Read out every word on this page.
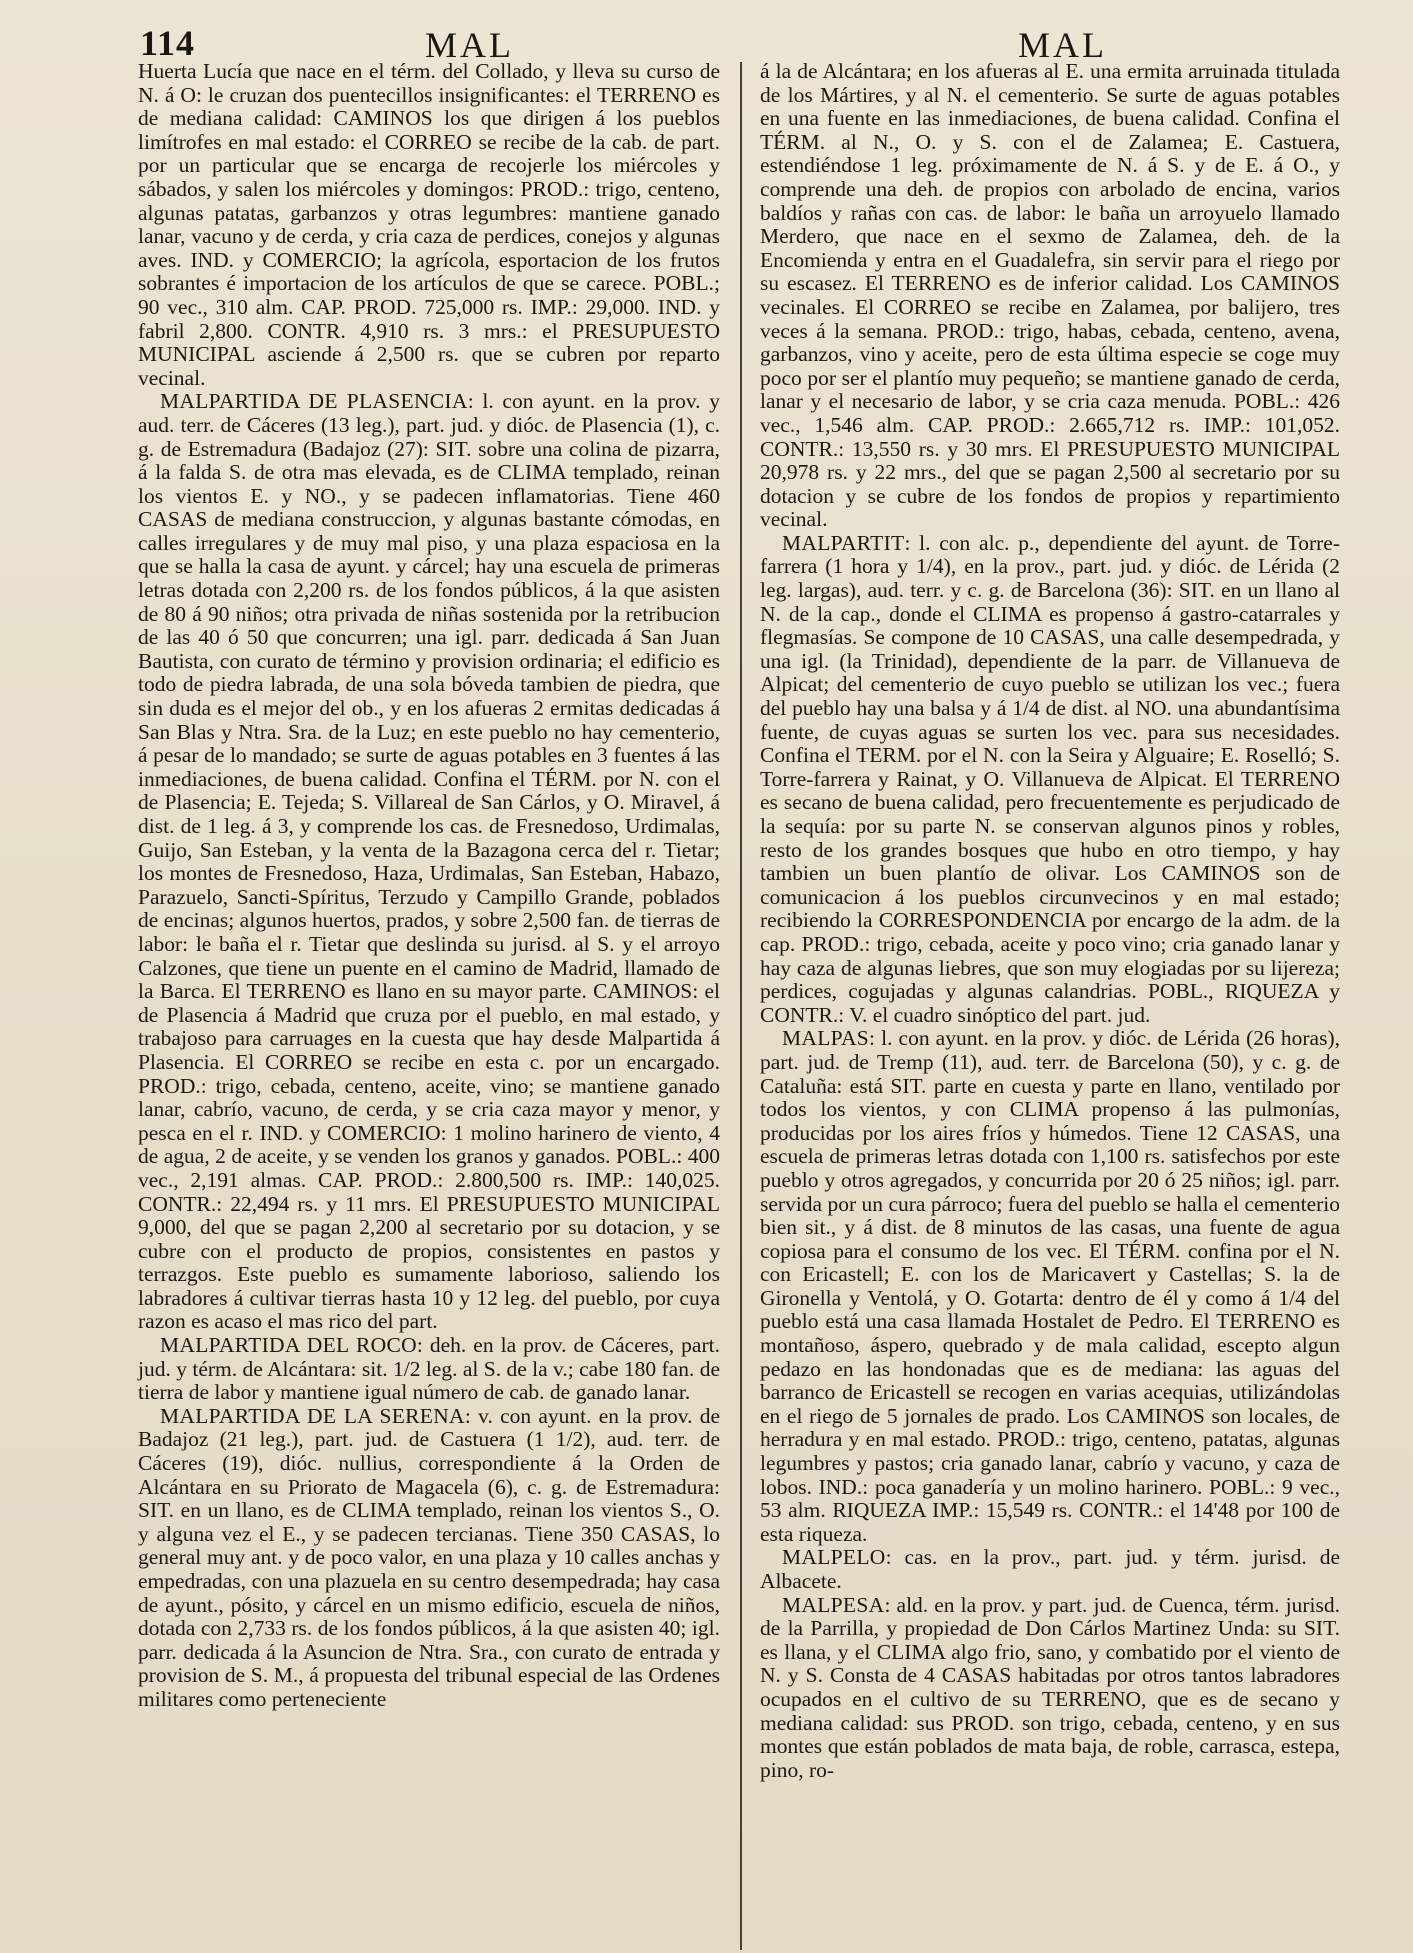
114	MAL	MAL

Huerta Lucía que nace en el térm. del Collado, y lleva su curso de N. á O: le cruzan dos puentecillos insignificantes: el TERRENO es de mediana calidad: CAMINOS los que dirigen á los pueblos limítrofes en mal estado: el CORREO se recibe de la cab. de part. por un particular que se encarga de recojerle los miércoles y sábados, y salen los miércoles y domingos: PROD.: trigo, centeno, algunas patatas, garbanzos y otras legumbres: mantiene ganado lanar, vacuno y de cerda, y cria caza de perdices, conejos y algunas aves. IND. y COMERCIO; la agrícola, esportacion de los frutos sobrantes é importacion de los artículos de que se carece. POBL.; 90 vec., 310 alm. CAP. PROD. 725,000 rs. IMP.: 29,000. IND. y fabril 2,800. CONTR. 4,910 rs. 3 mrs.: el PRESUPUESTO MUNICIPAL asciende á 2,500 rs. que se cubren por reparto vecinal.

MALPARTIDA DE PLASENCIA: l. con ayunt. en la prov. y aud. terr. de Cáceres (13 leg.), part. jud. y dióc. de Plasencia (1), c. g. de Estremadura (Badajoz (27): SIT. sobre una colina de pizarra, á la falda S. de otra mas elevada, es de CLIMA templado, reinan los vientos E. y NO., y se padecen inflamatorias. Tiene 460 CASAS de mediana construccion, y algunas bastante cómodas, en calles irregulares y de muy mal piso, y una plaza espaciosa en la que se halla la casa de ayunt. y cárcel; hay una escuela de primeras letras dotada con 2,200 rs. de los fondos públicos, á la que asisten de 80 á 90 niños; otra privada de niñas sostenida por la retribucion de las 40 ó 50 que concurren; una igl. parr. dedicada á San Juan Bautista, con curato de término y provision ordinaria; el edificio es todo de piedra labrada, de una sola bóveda tambien de piedra, que sin duda es el mejor del ob., y en los afueras 2 ermitas dedicadas á San Blas y Ntra. Sra. de la Luz; en este pueblo no hay cementerio, á pesar de lo mandado; se surte de aguas potables en 3 fuentes á las inmediaciones, de buena calidad. Confina el TÉRM. por N. con el de Plasencia; E. Tejeda; S. Villareal de San Cárlos, y O. Miravel, á dist. de 1 leg. á 3, y comprende los cas. de Fresnedoso, Urdimalas, Guijo, San Esteban, y la venta de la Bazagona cerca del r. Tietar; los montes de Fresnedoso, Haza, Urdimalas, San Esteban, Habazo, Parazuelo, Sancti-Spíritus, Terzudo y Campillo Grande, poblados de encinas; algunos huertos, prados, y sobre 2,500 fan. de tierras de labor: le baña el r. Tietar que deslinda su jurisd. al S. y el arroyo Calzones, que tiene un puente en el camino de Madrid, llamado de la Barca. El TERRENO es llano en su mayor parte. CAMINOS: el de Plasencia á Madrid que cruza por el pueblo, en mal estado, y trabajoso para carruages en la cuesta que hay desde Malpartida á Plasencia. El CORREO se recibe en esta c. por un encargado. PROD.: trigo, cebada, centeno, aceite, vino; se mantiene ganado lanar, cabrío, vacuno, de cerda, y se cria caza mayor y menor, y pesca en el r. IND. y COMERCIO: 1 molino harinero de viento, 4 de agua, 2 de aceite, y se venden los granos y ganados. POBL.: 400 vec., 2,191 almas. CAP. PROD.: 2.800,500 rs. IMP.: 140,025. CONTR.: 22,494 rs. y 11 mrs. El PRESUPUESTO MUNICIPAL 9,000, del que se pagan 2,200 al secretario por su dotacion, y se cubre con el producto de propios, consistentes en pastos y terrazgos. Este pueblo es sumamente laborioso, saliendo los labradores á cultivar tierras hasta 10 y 12 leg. del pueblo, por cuya razon es acaso el mas rico del part.

MALPARTIDA DEL ROCO: deh. en la prov. de Cáceres, part. jud. y térm. de Alcántara: sit. 1/2 leg. al S. de la v.; cabe 180 fan. de tierra de labor y mantiene igual número de cab. de ganado lanar.

MALPARTIDA DE LA SERENA: v. con ayunt. en la prov. de Badajoz (21 leg.), part. jud. de Castuera (1 1/2), aud. terr. de Cáceres (19), dióc. nullius, correspondiente á la Orden de Alcántara en su Priorato de Magacela (6), c. g. de Estremadura: SIT. en un llano, es de CLIMA templado, reinan los vientos S., O. y alguna vez el E., y se padecen tercianas. Tiene 350 CASAS, lo general muy ant. y de poco valor, en una plaza y 10 calles anchas y empedradas, con una plazuela en su centro desempedrada; hay casa de ayunt., pósito, y cárcel en un mismo edificio, escuela de niños, dotada con 2,733 rs. de los fondos públicos, á la que asisten 40; igl. parr. dedicada á la Asuncion de Ntra. Sra., con curato de entrada y provision de S. M., á propuesta del tribunal especial de las Ordenes militares como perteneciente

á la de Alcántara; en los afueras al E. una ermita arruinada titulada de los Mártires, y al N. el cementerio. Se surte de aguas potables en una fuente en las inmediaciones, de buena calidad. Confina el TÉRM. al N., O. y S. con el de Zalamea; E. Castuera, estendiéndose 1 leg. próximamente de N. á S. y de E. á O., y comprende una deh. de propios con arbolado de encina, varios baldíos y rañas con cas. de labor: le baña un arroyuelo llamado Merdero, que nace en el sexmo de Zalamea, deh. de la Encomienda y entra en el Guadalefra, sin servir para el riego por su escasez. El TERRENO es de inferior calidad. Los CAMINOS vecinales. El CORREO se recibe en Zalamea, por balijero, tres veces á la semana. PROD.: trigo, habas, cebada, centeno, avena, garbanzos, vino y aceite, pero de esta última especie se coge muy poco por ser el plantío muy pequeño; se mantiene ganado de cerda, lanar y el necesario de labor, y se cria caza menuda. POBL.: 426 vec., 1,546 alm. CAP. PROD.: 2.665,712 rs. IMP.: 101,052. CONTR.: 13,550 rs. y 30 mrs. El PRESUPUESTO MUNICIPAL 20,978 rs. y 22 mrs., del que se pagan 2,500 al secretario por su dotacion y se cubre de los fondos de propios y repartimiento vecinal.

MALPARTIT: l. con alc. p., dependiente del ayunt. de Torre-farrera (1 hora y 1/4), en la prov., part. jud. y dióc. de Lérida (2 leg. largas), aud. terr. y c. g. de Barcelona (36): SIT. en un llano al N. de la cap., donde el CLIMA es propenso á gastro-catarrales y flegmasías. Se compone de 10 CASAS, una calle desempedrada, y una igl. (la Trinidad), dependiente de la parr. de Villanueva de Alpicat; del cementerio de cuyo pueblo se utilizan los vec.; fuera del pueblo hay una balsa y á 1/4 de dist. al NO. una abundantísima fuente, de cuyas aguas se surten los vec. para sus necesidades. Confina el TERM. por el N. con la Seira y Alguaire; E. Roselló; S. Torre-farrera y Rainat, y O. Villanueva de Alpicat. El TERRENO es secano de buena calidad, pero frecuentemente es perjudicado de la sequía: por su parte N. se conservan algunos pinos y robles, resto de los grandes bosques que hubo en otro tiempo, y hay tambien un buen plantío de olivar. Los CAMINOS son de comunicacion á los pueblos circunvecinos y en mal estado; recibiendo la CORRESPONDENCIA por encargo de la adm. de la cap. PROD.: trigo, cebada, aceite y poco vino; cria ganado lanar y hay caza de algunas liebres, que son muy elogiadas por su lijereza; perdices, cogujadas y algunas calandrias. POBL., RIQUEZA y CONTR.: V. el cuadro sinóptico del part. jud.

MALPAS: l. con ayunt. en la prov. y dióc. de Lérida (26 horas), part. jud. de Tremp (11), aud. terr. de Barcelona (50), y c. g. de Cataluña: está SIT. parte en cuesta y parte en llano, ventilado por todos los vientos, y con CLIMA propenso á las pulmonías, producidas por los aires fríos y húmedos. Tiene 12 CASAS, una escuela de primeras letras dotada con 1,100 rs. satisfechos por este pueblo y otros agregados, y concurrida por 20 ó 25 niños; igl. parr. servida por un cura párroco; fuera del pueblo se halla el cementerio bien sit., y á dist. de 8 minutos de las casas, una fuente de agua copiosa para el consumo de los vec. El TÉRM. confina por el N. con Ericastell; E. con los de Maricavert y Castellas; S. la de Gironella y Ventolá, y O. Gotarta: dentro de él y como á 1/4 del pueblo está una casa llamada Hostalet de Pedro. El TERRENO es montañoso, áspero, quebrado y de mala calidad, escepto algun pedazo en las hondonadas que es de mediana: las aguas del barranco de Ericastell se recogen en varias acequias, utilizándolas en el riego de 5 jornales de prado. Los CAMINOS son locales, de herradura y en mal estado. PROD.: trigo, centeno, patatas, algunas legumbres y pastos; cria ganado lanar, cabrío y vacuno, y caza de lobos. IND.: poca ganadería y un molino harinero. POBL.: 9 vec., 53 alm. RIQUEZA IMP.: 15,549 rs. CONTR.: el 14'48 por 100 de esta riqueza.

MALPELO: cas. en la prov., part. jud. y térm. jurisd. de Albacete.

MALPESA: ald. en la prov. y part. jud. de Cuenca, térm. jurisd. de la Parrilla, y propiedad de Don Cárlos Martinez Unda: su SIT. es llana, y el CLIMA algo frio, sano, y combatido por el viento de N. y S. Consta de 4 CASAS habitadas por otros tantos labradores ocupados en el cultivo de su TERRENO, que es de secano y mediana calidad: sus PROD. son trigo, cebada, centeno, y en sus montes que están poblados de mata baja, de roble, carrasca, estepa, pino, ro-
